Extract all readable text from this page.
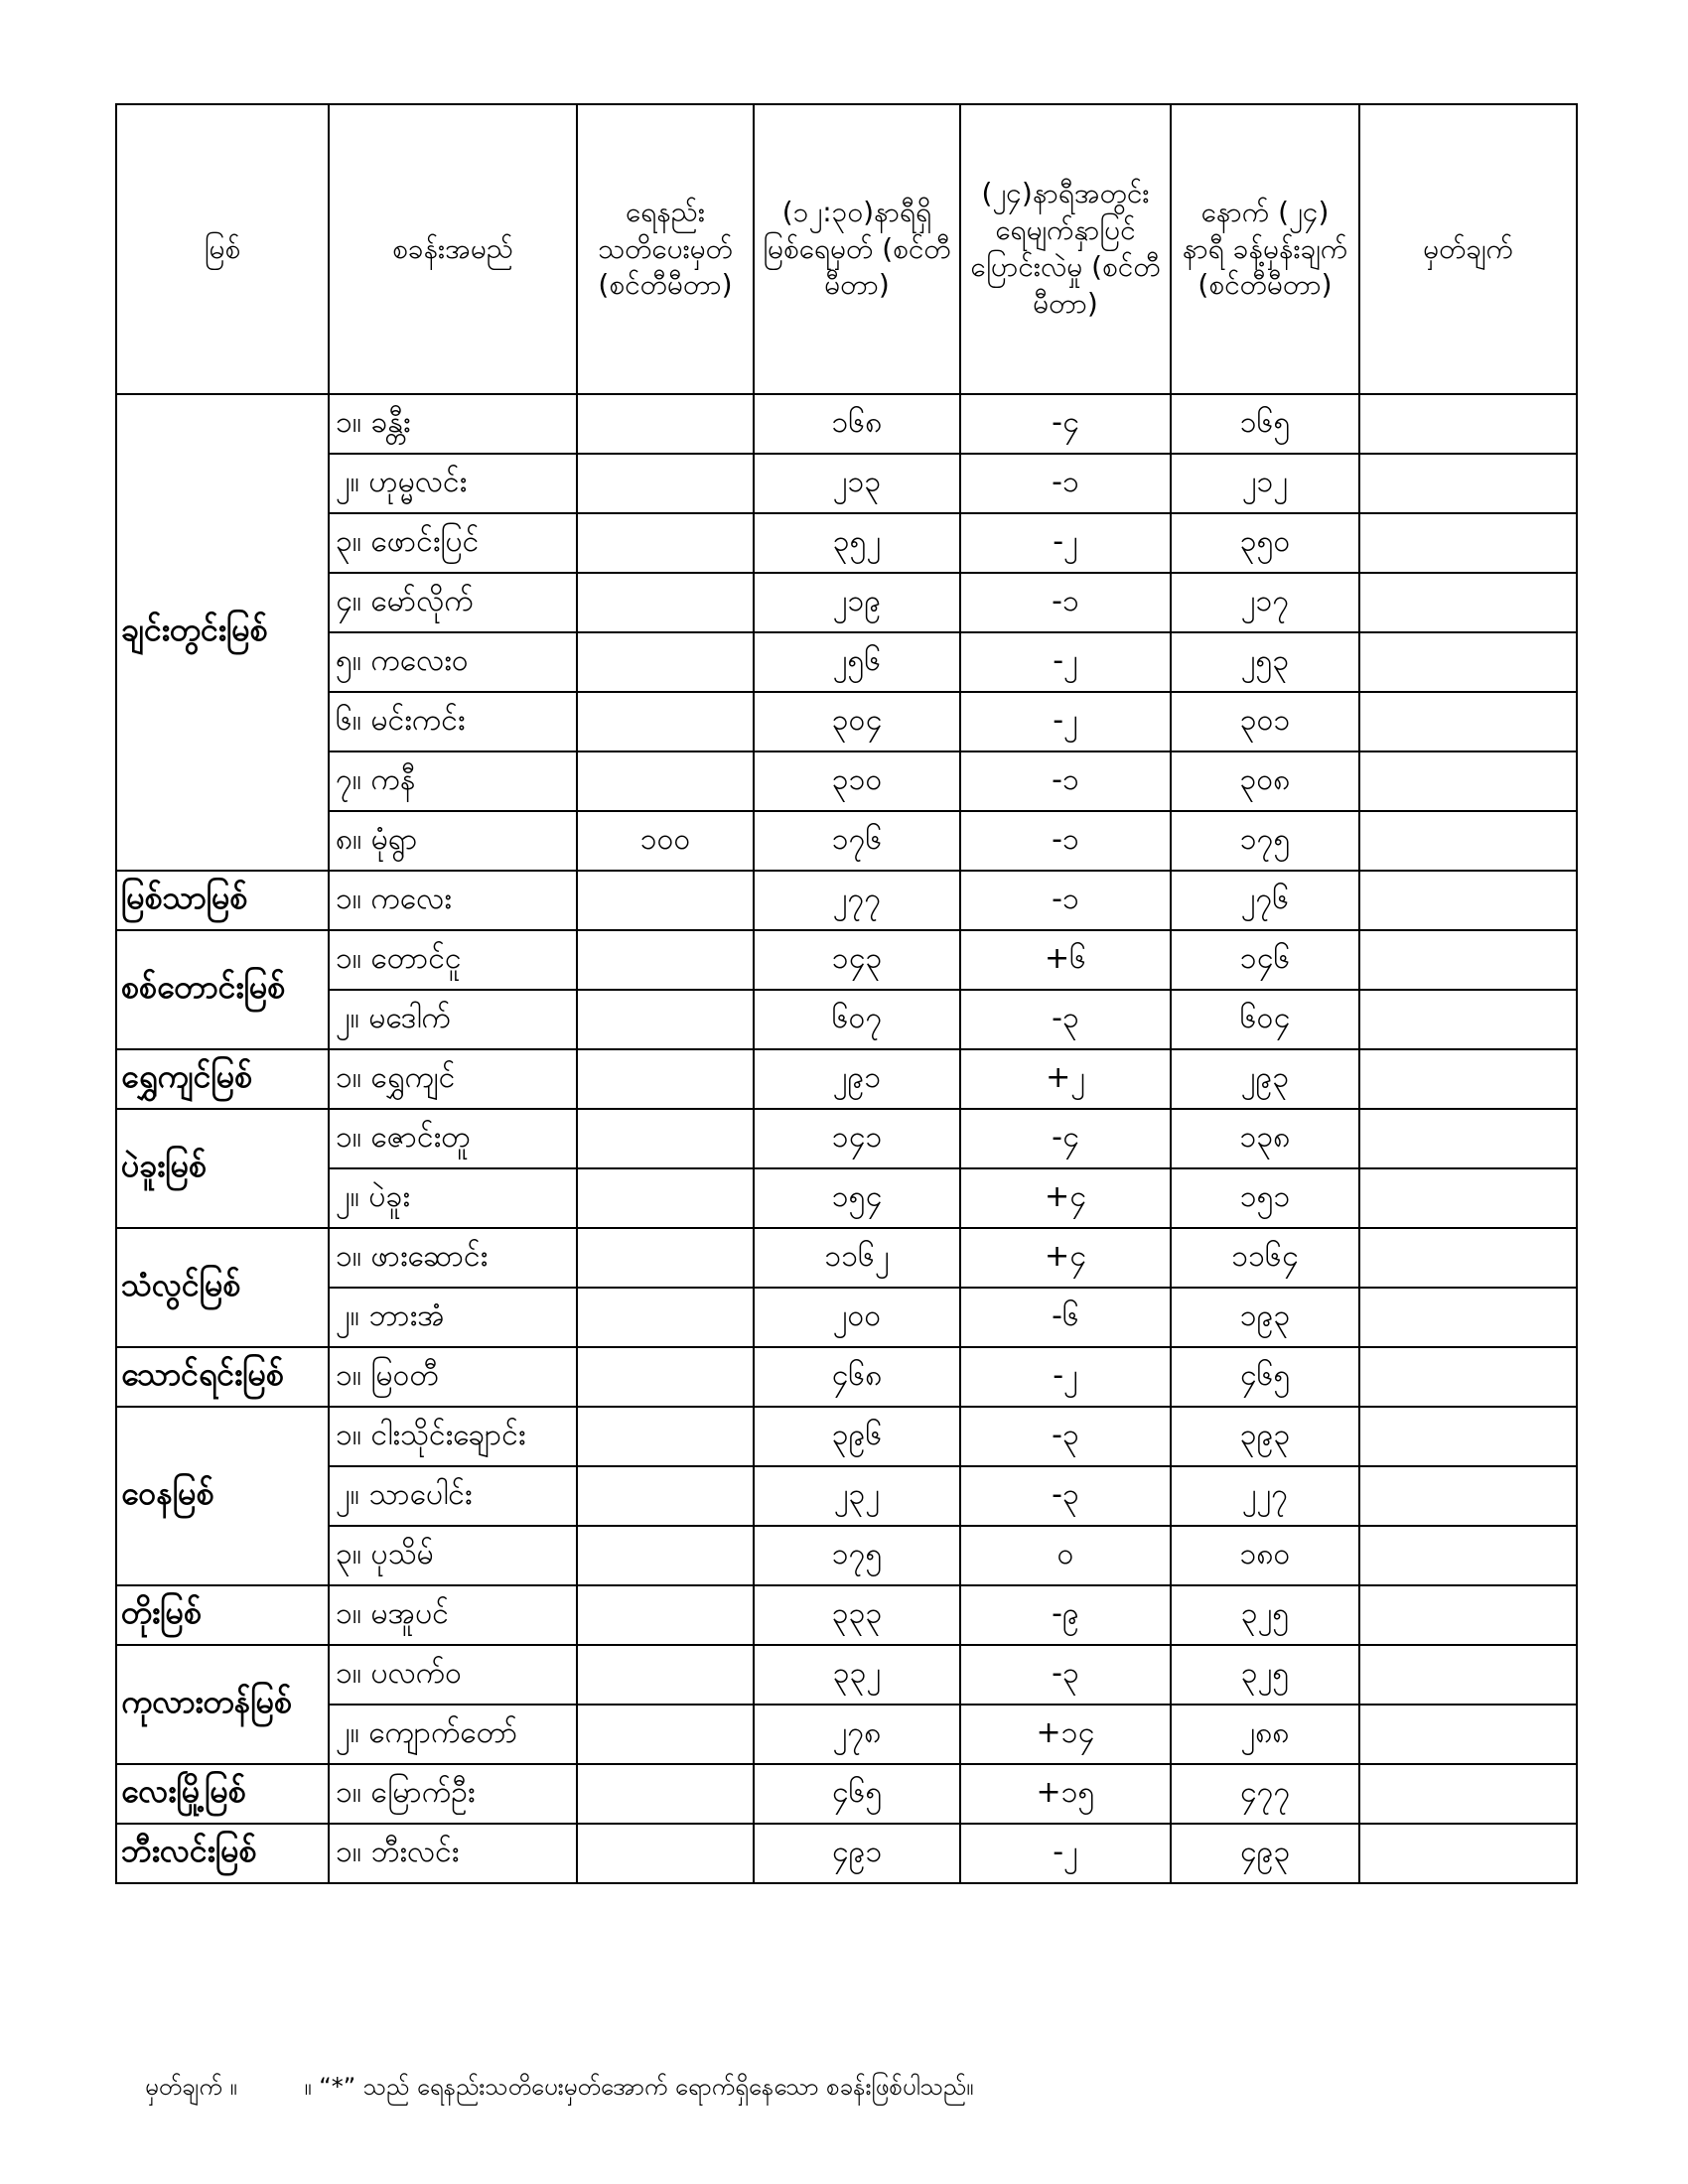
မြစ်	စခန်းအမည်	ရေနည်း သတိပေးမှတ် (စင်တီမီတာ)	(၁၂:၃၀)နာရီရှိ မြစ်ရေမှတ် (စင်တီမီတာ)	(၂၄)နာရီအတွင်း ရေမျက်နှာပြင် ပြောင်းလဲမှု (စင်တီမီတာ)	နောက် (၂၄) နာရီ ခန့်မှန်းချက် (စင်တီမီတာ)	မှတ်ချက်
ချင်းတွင်းမြစ်	၁။ ခန္တီး		၁၆၈	-၄	၁၆၅	
	၂။ ဟုမ္မလင်း		၂၁၃	-၁	၂၁၂	
	၃။ ဖောင်းပြင်		၃၅၂	-၂	၃၅၀	
	၄။ မော်လိုက်		၂၁၉	-၁	၂၁၇	
	၅။ ကလေးဝ		၂၅၆	-၂	၂၅၃	
	၆။ မင်းကင်း		၃၀၄	-၂	၃၀၁	
	၇။ ကနီ		၃၁၀	-၁	၃၀၈	
	၈။ မုံရွာ	၁၀၀	၁၇၆	-၁	၁၇၅	
မြစ်သာမြစ်	၁။ ကလေး		၂၇၇	-၁	၂၇၆	
စစ်တောင်းမြစ်	၁။ တောင်ငူ		၁၄၃	+၆	၁၄၆	
	၂။ မဒေါက်		၆၀၇	-၃	၆၀၄	
ရွှေကျင်မြစ်	၁။ ရွှေကျင်		၂၉၁	+၂	၂၉၃	
ပဲခူးမြစ်	၁။ ဇောင်းတူ		၁၄၁	-၄	၁၃၈	
	၂။ ပဲခူး		၁၅၄	+၄	၁၅၁	
သံလွင်မြစ်	၁။ ဖားဆောင်း		၁၁၆၂	+၄	၁၁၆၄	
	၂။ ဘားအံ		၂၀၀	-၆	၁၉၃	
သောင်ရင်းမြစ်	၁။ မြဝတီ		၄၆၈	-၂	၄၆၅	
ဝေနမြစ်	၁။ ငါးသိုင်းချောင်း		၃၉၆	-၃	၃၉၃	
	၂။ သာပေါင်း		၂၃၂	-၃	၂၂၇	
	၃။ ပုသိမ်		၁၇၅	၀	၁၈၀	
တိုးမြစ်	၁။ မအူပင်		၃၃၃	-၉	၃၂၅	
ကုလားတန်မြစ်	၁။ ပလက်ဝ		၃၃၂	-၃	၃၂၅	
	၂။ ကျောက်တော်		၂၇၈	+၁၄	၂၈၈	
လေးမြို့မြစ်	၁။ မြောက်ဦး		၄၆၅	+၁၅	၄၇၇	
ဘီးလင်းမြစ်	၁။ ဘီးလင်း		၄၉၁	-၂	၄၉၃	
မှတ်ချက် ။	။ “*” သည် ရေနည်းသတိပေးမှတ်အောက် ရောက်ရှိနေသော စခန်းဖြစ်ပါသည်။
